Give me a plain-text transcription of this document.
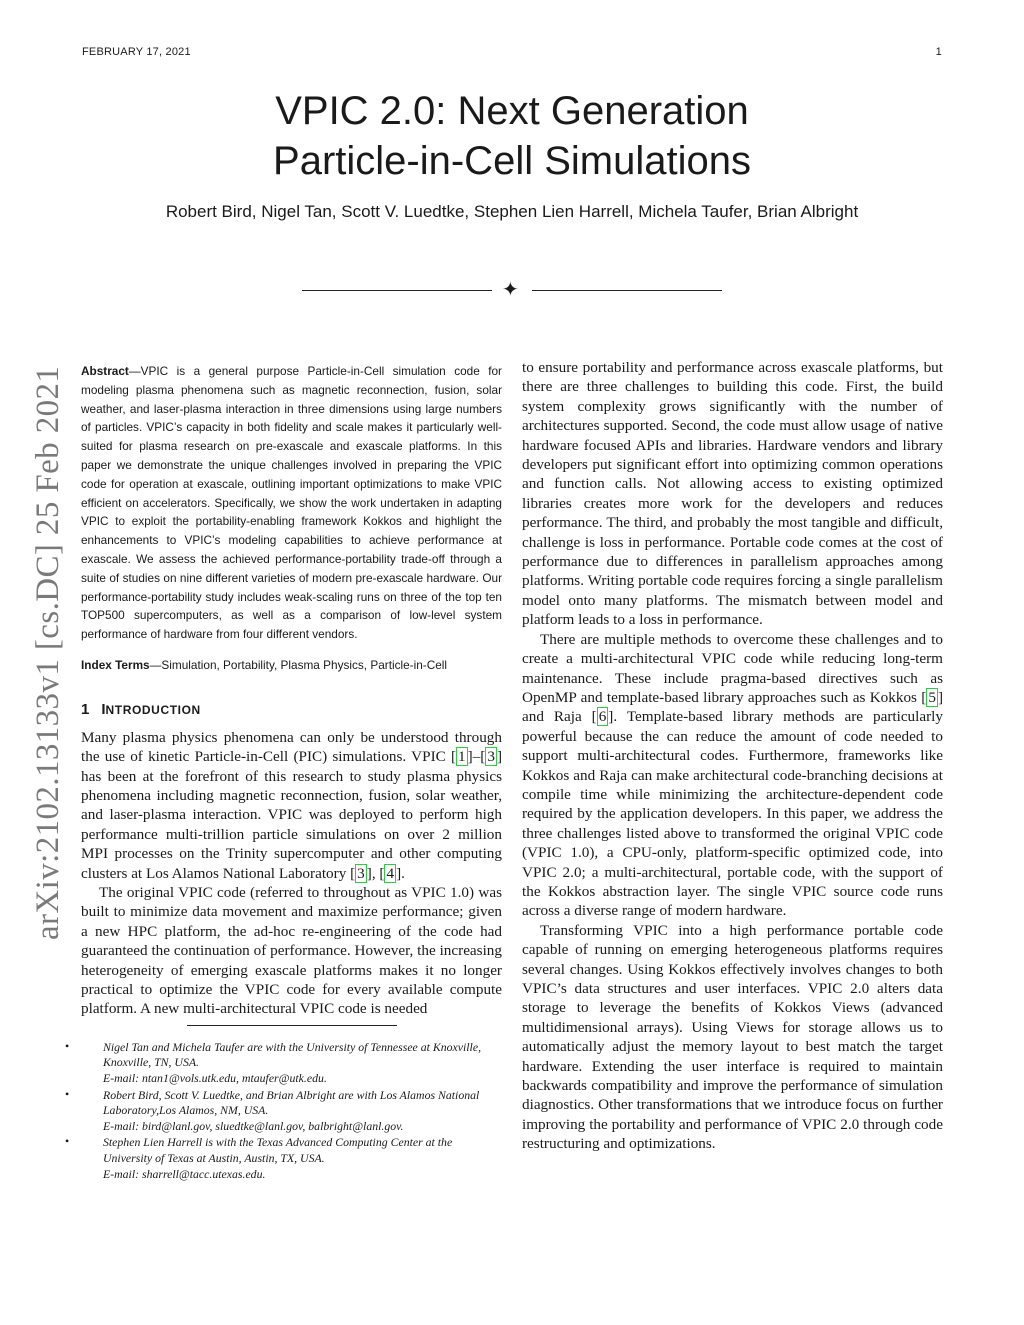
FEBRUARY 17, 2021	1
VPIC 2.0: Next Generation
Particle-in-Cell Simulations
Robert Bird, Nigel Tan, Scott V. Luedtke, Stephen Lien Harrell, Michela Taufer, Brian Albright
✦
arXiv:2102.13133v1 [cs.DC] 25 Feb 2021 Abstract—VPIC is a general purpose Particle-in-Cell simulation code for modeling plasma phenomena such as magnetic reconnection, fusion, solar weather, and laser-plasma interaction in three dimensions using large numbers of particles. VPIC’s capacity in both fidelity and scale makes it particularly well-suited for plasma research on pre-exascale and exascale platforms. In this paper we demonstrate the unique challenges involved in preparing the VPIC code for operation at exascale, outlining important optimizations to make VPIC efficient on accelerators. Specifically, we show the work undertaken in adapting VPIC to exploit the portability-enabling framework Kokkos and highlight the enhancements to VPIC’s modeling capabilities to achieve performance at exascale. We assess the achieved performance-portability trade-off through a suite of studies on nine different varieties of modern pre-exascale hardware. Our performance-portability study includes weak-scaling runs on three of the top ten TOP500 supercomputers, as well as a comparison of low-level system performance of hardware from four different vendors.

Index Terms—Simulation, Portability, Plasma Physics, Particle-in-Cell

1 INTRODUCTION

Many plasma physics phenomena can only be understood through the use of kinetic Particle-in-Cell (PIC) simulations. VPIC [ 1 ]–[ 3 ] has been at the forefront of this research to study plasma physics phenomena including magnetic reconnection, fusion, solar weather, and laser-plasma interaction. VPIC was deployed to perform high performance multi-trillion particle simulations on over 2 million MPI processes on the Trinity supercomputer and other computing clusters at Los Alamos National Laboratory [ 3 ], [ 4 ].

The original VPIC code (referred to throughout as VPIC 1.0) was built to minimize data movement and maximize performance; given a new HPC platform, the ad-hoc re-engineering of the code had guaranteed the continuation of performance. However, the increasing heterogeneity of emerging exascale platforms makes it no longer practical to optimize the VPIC code for every available compute platform. A new multi-architectural VPIC code is needed

•	Nigel Tan and Michela Taufer are with the University of Tennessee at Knoxville, Knoxville, TN, USA.
E-mail: ntan1@vols.utk.edu, mtaufer@utk.edu.
•	Robert Bird, Scott V. Luedtke, and Brian Albright are with Los Alamos National Laboratory,Los Alamos, NM, USA.
E-mail: bird@lanl.gov, sluedtke@lanl.gov, balbright@lanl.gov.
•	Stephen Lien Harrell is with the Texas Advanced Computing Center at the University of Texas at Austin, Austin, TX, USA.
E-mail: sharrell@tacc.utexas.edu.

to ensure portability and performance across exascale platforms, but there are three challenges to building this code. First, the build system complexity grows significantly with the number of architectures supported. Second, the code must allow usage of native hardware focused APIs and libraries. Hardware vendors and library developers put significant effort into optimizing common operations and function calls. Not allowing access to existing optimized libraries creates more work for the developers and reduces performance. The third, and probably the most tangible and difficult, challenge is loss in performance. Portable code comes at the cost of performance due to differences in parallelism approaches among platforms. Writing portable code requires forcing a single parallelism model onto many platforms. The mismatch between model and platform leads to a loss in performance.

There are multiple methods to overcome these challenges and to create a multi-architectural VPIC code while reducing long-term maintenance. These include pragma-based directives such as OpenMP and template-based library approaches such as Kokkos [ 5 ] and Raja [ 6 ]. Template-based library methods are particularly powerful because the can reduce the amount of code needed to support multi-architectural codes. Furthermore, frameworks like Kokkos and Raja can make architectural code-branching decisions at compile time while minimizing the architecture-dependent code required by the application developers. In this paper, we address the three challenges listed above to transformed the original VPIC code (VPIC 1.0), a CPU-only, platform-specific optimized code, into VPIC 2.0; a multi-architectural, portable code, with the support of the Kokkos abstraction layer. The single VPIC source code runs across a diverse range of modern hardware.

Transforming VPIC into a high performance portable code capable of running on emerging heterogeneous platforms requires several changes. Using Kokkos effectively involves changes to both VPIC’s data structures and user interfaces. VPIC 2.0 alters data storage to leverage the benefits of Kokkos Views (advanced multidimensional arrays). Using Views for storage allows us to automatically adjust the memory layout to best match the target hardware. Extending the user interface is required to maintain backwards compatibility and improve the performance of simulation diagnostics. Other transformations that we introduce focus on further improving the portability and performance of VPIC 2.0 through code restructuring and optimizations.
